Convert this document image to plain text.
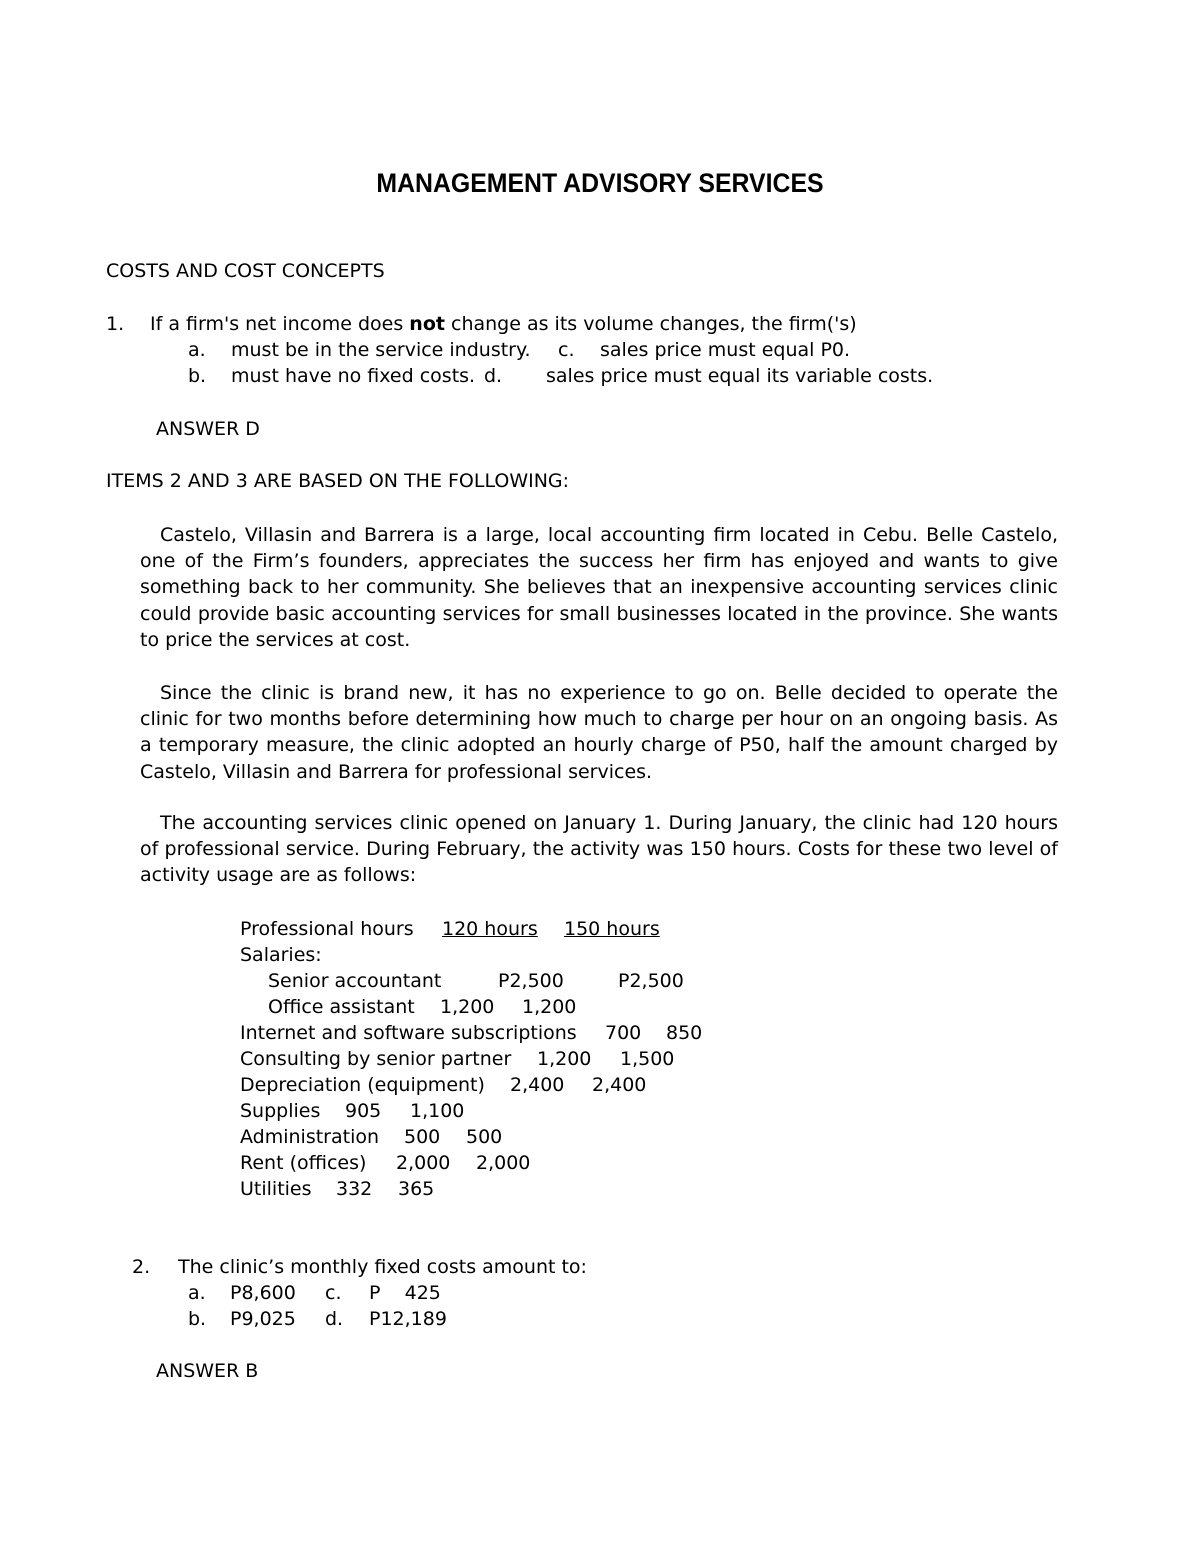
MANAGEMENT ADVISORY SERVICES
COSTS AND COST CONCEPTS
1. If a firm's net income does not change as its volume changes, the firm('s)
a. must be in the service industry. c. sales price must equal P0.
b. must have no fixed costs. d. sales price must equal its variable costs.
ANSWER D
ITEMS 2 AND 3 ARE BASED ON THE FOLLOWING:
Castelo, Villasin and Barrera is a large, local accounting firm located in Cebu. Belle Castelo, one of the Firm’s founders, appreciates the success her firm has enjoyed and wants to give something back to her community. She believes that an inexpensive accounting services clinic could provide basic accounting services for small businesses located in the province. She wants to price the services at cost.
Since the clinic is brand new, it has no experience to go on. Belle decided to operate the clinic for two months before determining how much to charge per hour on an ongoing basis. As a temporary measure, the clinic adopted an hourly charge of P50, half the amount charged by Castelo, Villasin and Barrera for professional services.
The accounting services clinic opened on January 1. During January, the clinic had 120 hours of professional service. During February, the activity was 150 hours. Costs for these two level of activity usage are as follows:
Professional hours 120 hours 150 hours
Salaries:
Senior accountant	P2,500	P2,500
Office assistant 1,200 1,200
Internet and software subscriptions 700 850
Consulting by senior partner 1,200 1,500
Depreciation (equipment) 2,400 2,400
Supplies 905 1,100
Administration 500 500
Rent (offices) 2,000 2,000
Utilities 332 365
2. The clinic’s monthly fixed costs amount to:
a. P8,600 c. P    425
b. P9,025 d. P12,189
ANSWER B
